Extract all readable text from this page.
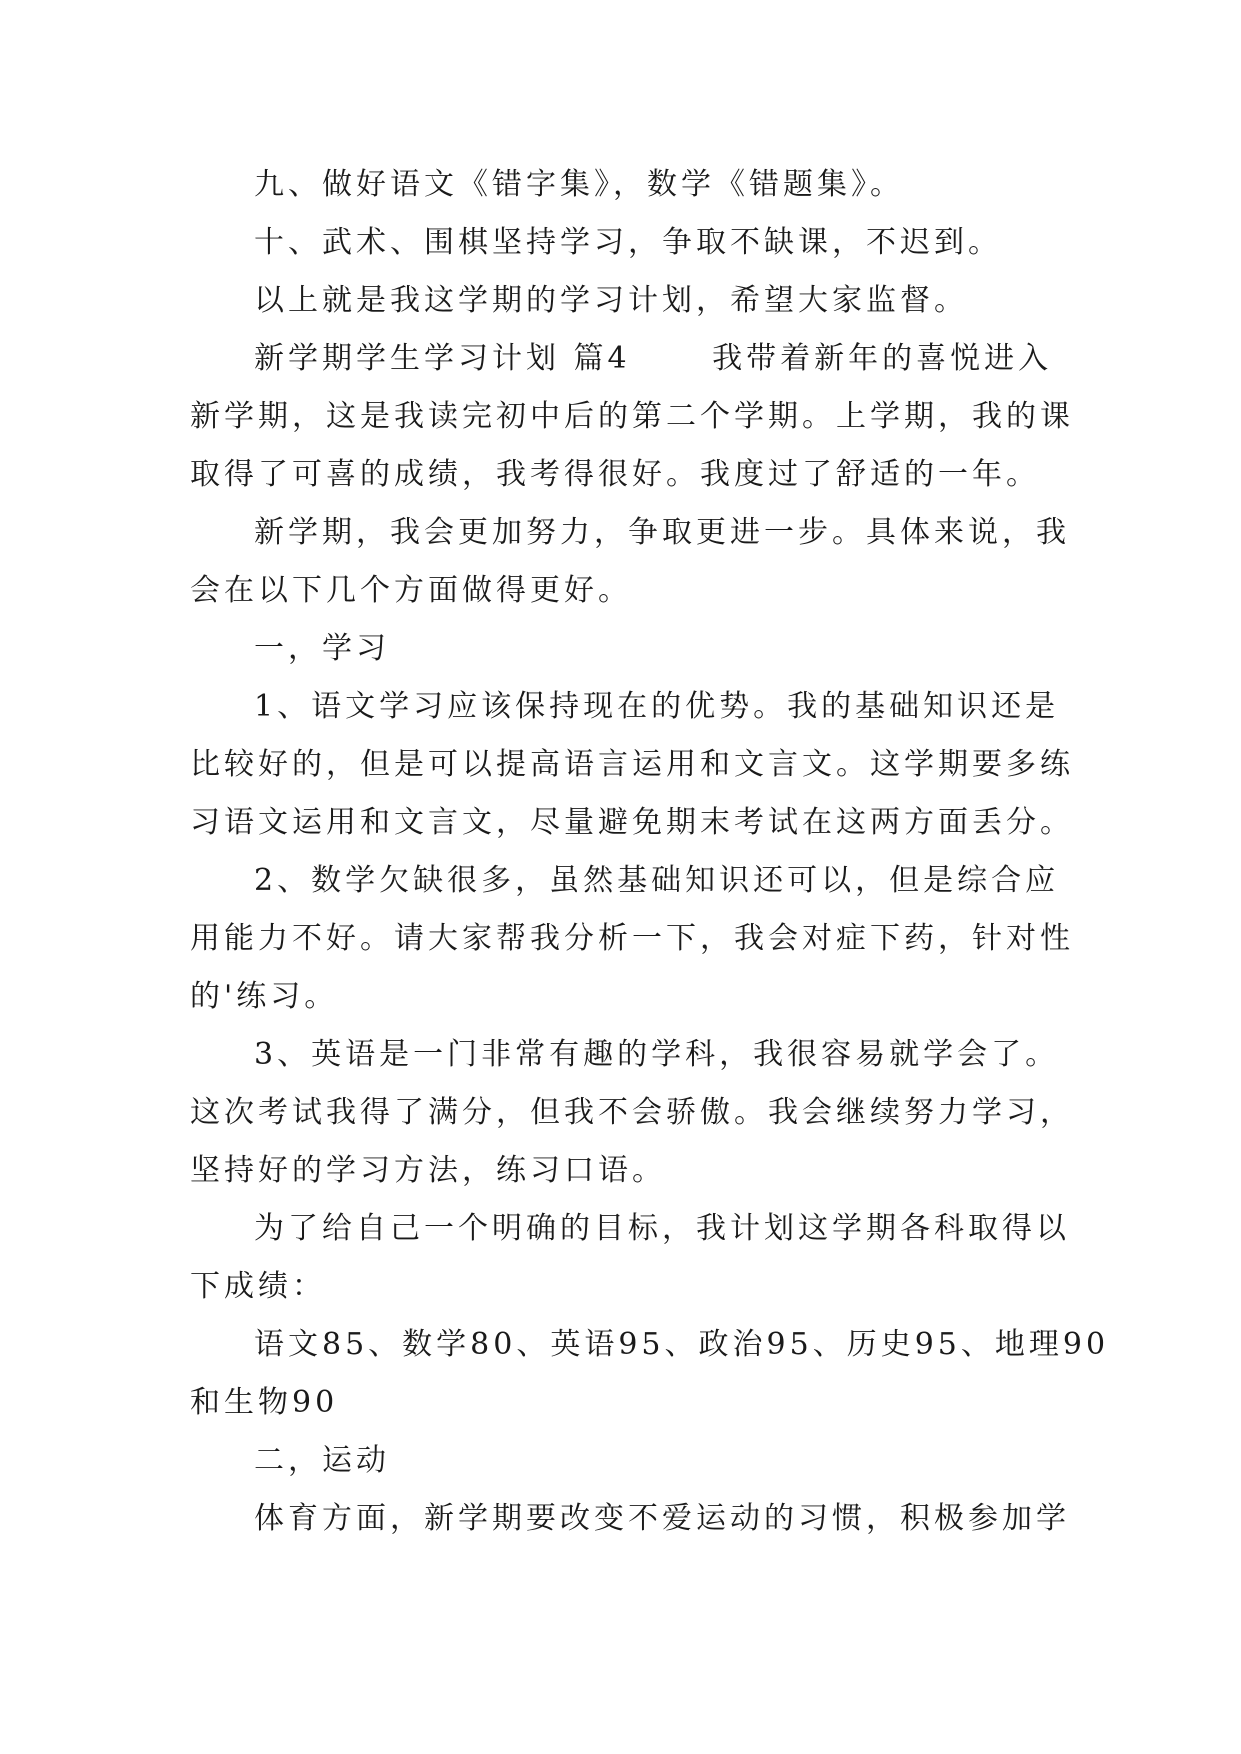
九、做好语文《错字集》，数学《错题集》。
十、武术、围棋坚持学习，争取不缺课，不迟到。
以上就是我这学期的学习计划，希望大家监督。
新学期学生学习计划 篇4 　　我带着新年的喜悦进入
新学期，这是我读完初中后的第二个学期。上学期，我的课
取得了可喜的成绩，我考得很好。我度过了舒适的一年。
新学期，我会更加努力，争取更进一步。具体来说，我
会在以下几个方面做得更好。
一，学习
1、语文学习应该保持现在的优势。我的基础知识还是
比较好的，但是可以提高语言运用和文言文。这学期要多练
习语文运用和文言文，尽量避免期末考试在这两方面丢分。
2、数学欠缺很多，虽然基础知识还可以，但是综合应
用能力不好。请大家帮我分析一下，我会对症下药，针对性
的'练习。
3、英语是一门非常有趣的学科，我很容易就学会了。
这次考试我得了满分，但我不会骄傲。我会继续努力学习，
坚持好的学习方法，练习口语。
为了给自己一个明确的目标，我计划这学期各科取得以
下成绩：
语文85、数学80、英语95、政治95、历史95、地理90
和生物90
二，运动
体育方面，新学期要改变不爱运动的习惯，积极参加学
